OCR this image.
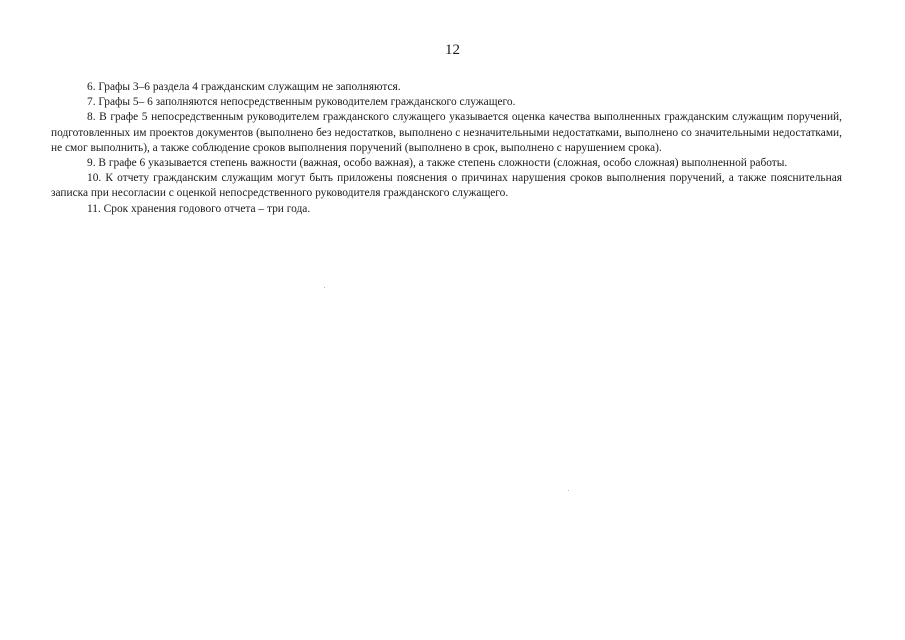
12

6. Графы 3–6 раздела 4 гражданским служащим не заполняются.

7. Графы 5– 6 заполняются непосредственным руководителем гражданского служащего.

8. В графе 5 непосредственным руководителем гражданского служащего указывается оценка качества выполненных гражданским служащим поручений, подготовленных им проектов документов (выполнено без недостатков, выполнено с незначительными недостатками, выполнено со значительными недостатками, не смог выполнить), а также соблюдение сроков выполнения поручений (выполнено в срок, выполнено с нарушением срока).

9. В графе 6 указывается степень важности (важная, особо важная), а также степень сложности (сложная, особо сложная) выполненной работы.

10. К отчету гражданским служащим могут быть приложены пояснения о причинах нарушения сроков выполнения поручений, а также пояснительная записка при несогласии с оценкой непосредственного руководителя гражданского служащего.

11. Срок хранения годового отчета – три года.
